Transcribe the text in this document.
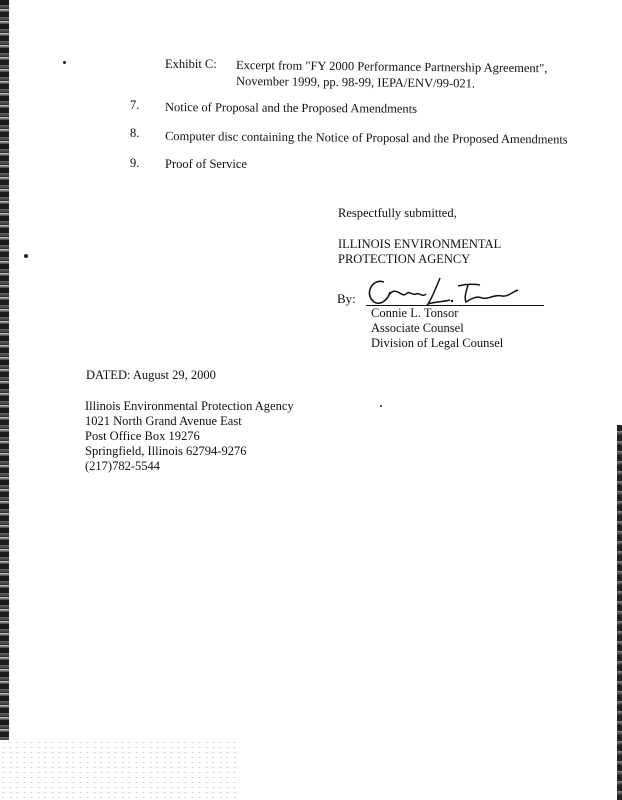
Exhibit C: Excerpt from "FY 2000 Performance Partnership Agreement",
November 1999, pp. 98-99, IEPA/ENV/99-021.
7. Notice of Proposal and the Proposed Amendments
8. Computer disc containing the Notice of Proposal and the Proposed Amendments
9. Proof of Service
Respectfully submitted,
ILLINOIS ENVIRONMENTAL
PROTECTION AGENCY
By:
Connie L. Tonsor
Associate Counsel
Division of Legal Counsel
DATED: August 29, 2000
Illinois Environmental Protection Agency
1021 North Grand Avenue East
Post Office Box 19276
Springfield, Illinois 62794-9276
(217)782-5544
